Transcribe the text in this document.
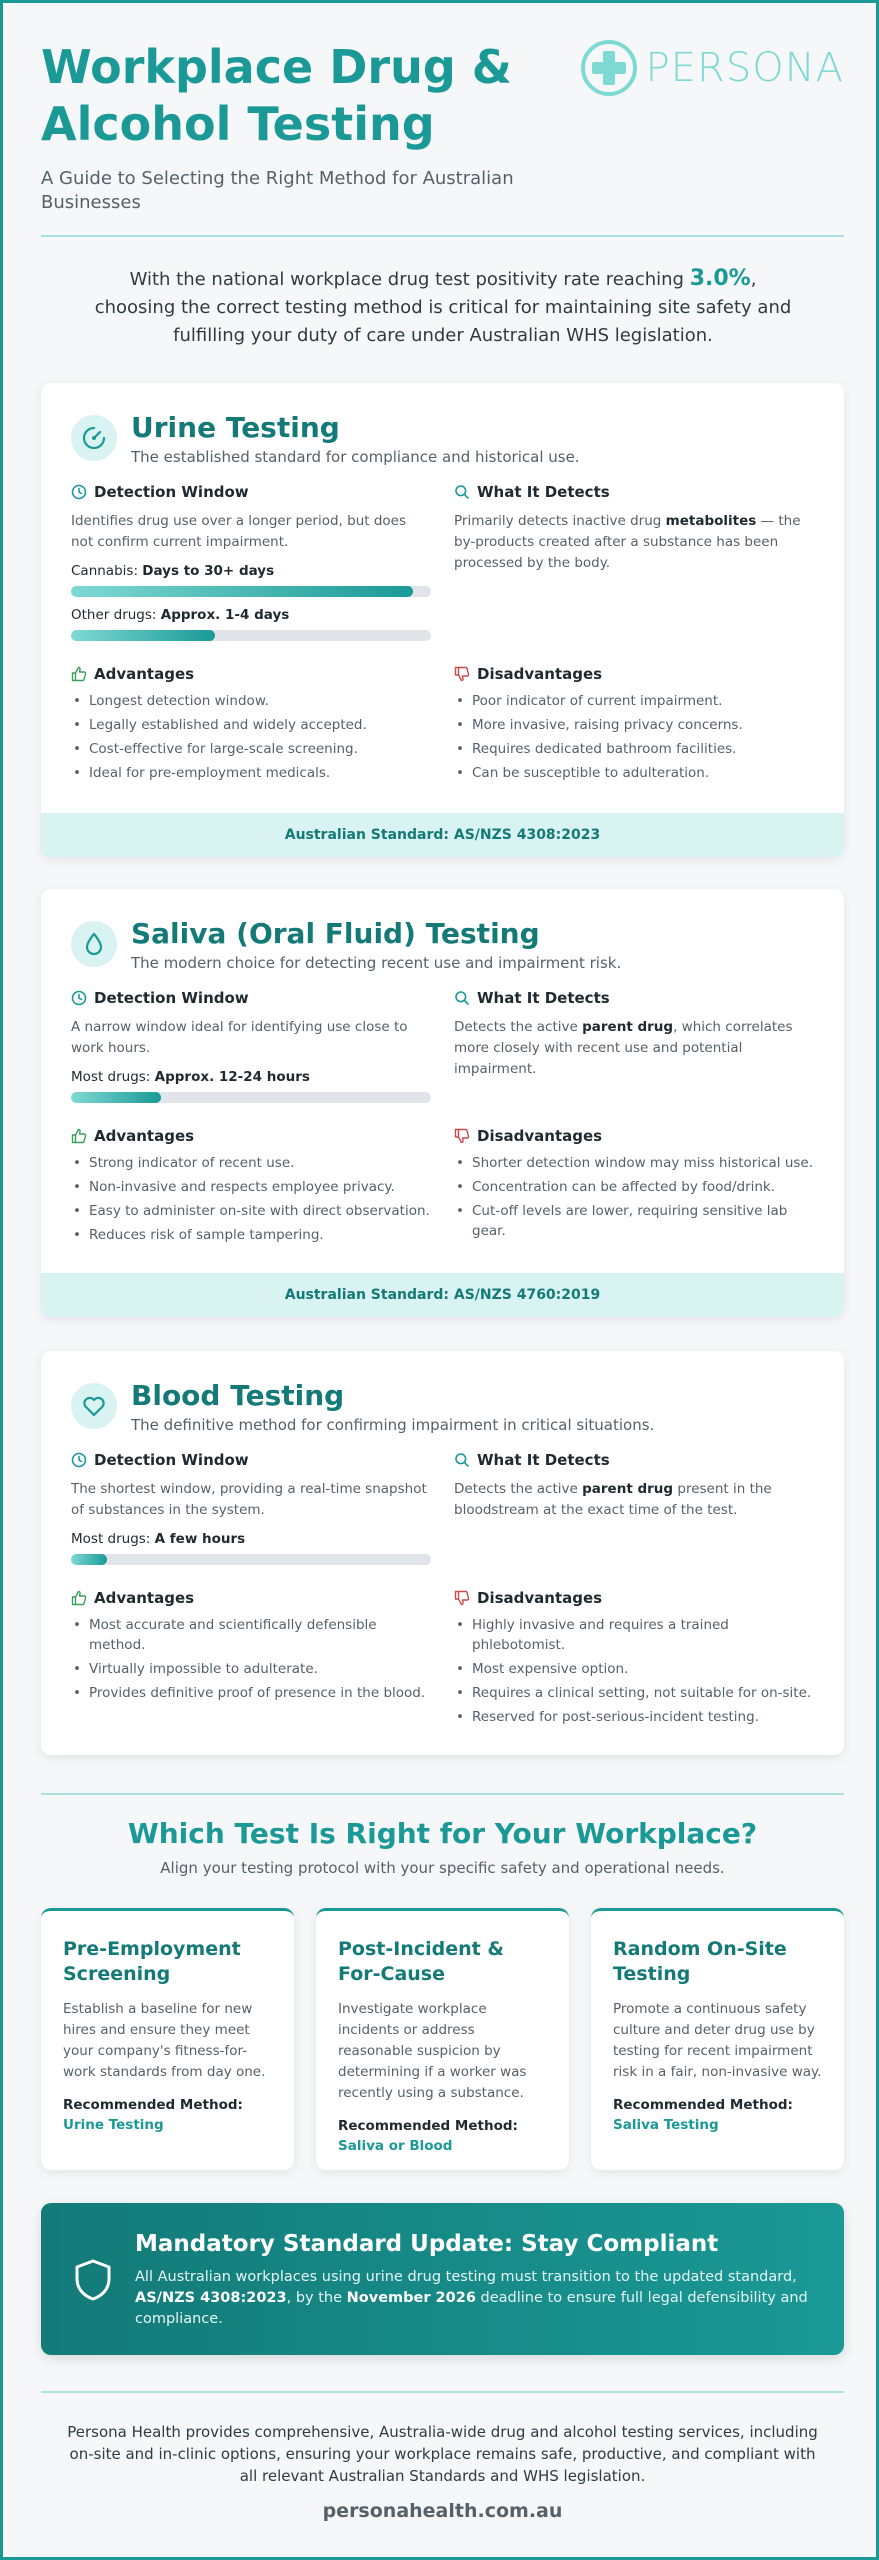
Workplace Drug & Alcohol Testing
A Guide to Selecting the Right Method for Australian Businesses
PERSONA
With the national workplace drug test positivity rate reaching 3.0%, choosing the correct testing method is critical for maintaining site safety and fulfilling your duty of care under Australian WHS legislation.
Urine Testing
The established standard for compliance and historical use.
Detection Window
Identifies drug use over a longer period, but does not confirm current impairment.
Cannabis: Days to 30+ days
Other drugs: Approx. 1-4 days
What It Detects
Primarily detects inactive drug metabolites — the by-products created after a substance has been processed by the body.
Advantages
• Longest detection window.
• Legally established and widely accepted.
• Cost-effective for large-scale screening.
• Ideal for pre-employment medicals.
Disadvantages
• Poor indicator of current impairment.
• More invasive, raising privacy concerns.
• Requires dedicated bathroom facilities.
• Can be susceptible to adulteration.
Australian Standard: AS/NZS 4308:2023
Saliva (Oral Fluid) Testing
The modern choice for detecting recent use and impairment risk.
Detection Window
A narrow window ideal for identifying use close to work hours.
Most drugs: Approx. 12-24 hours
What It Detects
Detects the active parent drug, which correlates more closely with recent use and potential impairment.
Advantages
• Strong indicator of recent use.
• Non-invasive and respects employee privacy.
• Easy to administer on-site with direct observation.
• Reduces risk of sample tampering.
Disadvantages
• Shorter detection window may miss historical use.
• Concentration can be affected by food/drink.
• Cut-off levels are lower, requiring sensitive lab gear.
Australian Standard: AS/NZS 4760:2019
Blood Testing
The definitive method for confirming impairment in critical situations.
Detection Window
The shortest window, providing a real-time snapshot of substances in the system.
Most drugs: A few hours
What It Detects
Detects the active parent drug present in the bloodstream at the exact time of the test.
Advantages
• Most accurate and scientifically defensible method.
• Virtually impossible to adulterate.
• Provides definitive proof of presence in the blood.
Disadvantages
• Highly invasive and requires a trained phlebotomist.
• Most expensive option.
• Requires a clinical setting, not suitable for on-site.
• Reserved for post-serious-incident testing.
Which Test Is Right for Your Workplace?
Align your testing protocol with your specific safety and operational needs.
Pre-Employment Screening
Establish a baseline for new hires and ensure they meet your company's fitness-for-work standards from day one.
Recommended Method:
Urine Testing
Post-Incident & For-Cause
Investigate workplace incidents or address reasonable suspicion by determining if a worker was recently using a substance.
Recommended Method:
Saliva or Blood
Random On-Site Testing
Promote a continuous safety culture and deter drug use by testing for recent impairment risk in a fair, non-invasive way.
Recommended Method:
Saliva Testing
Mandatory Standard Update: Stay Compliant
All Australian workplaces using urine drug testing must transition to the updated standard, AS/NZS 4308:2023, by the November 2026 deadline to ensure full legal defensibility and compliance.
Persona Health provides comprehensive, Australia-wide drug and alcohol testing services, including on-site and in-clinic options, ensuring your workplace remains safe, productive, and compliant with all relevant Australian Standards and WHS legislation.
personahealth.com.au
